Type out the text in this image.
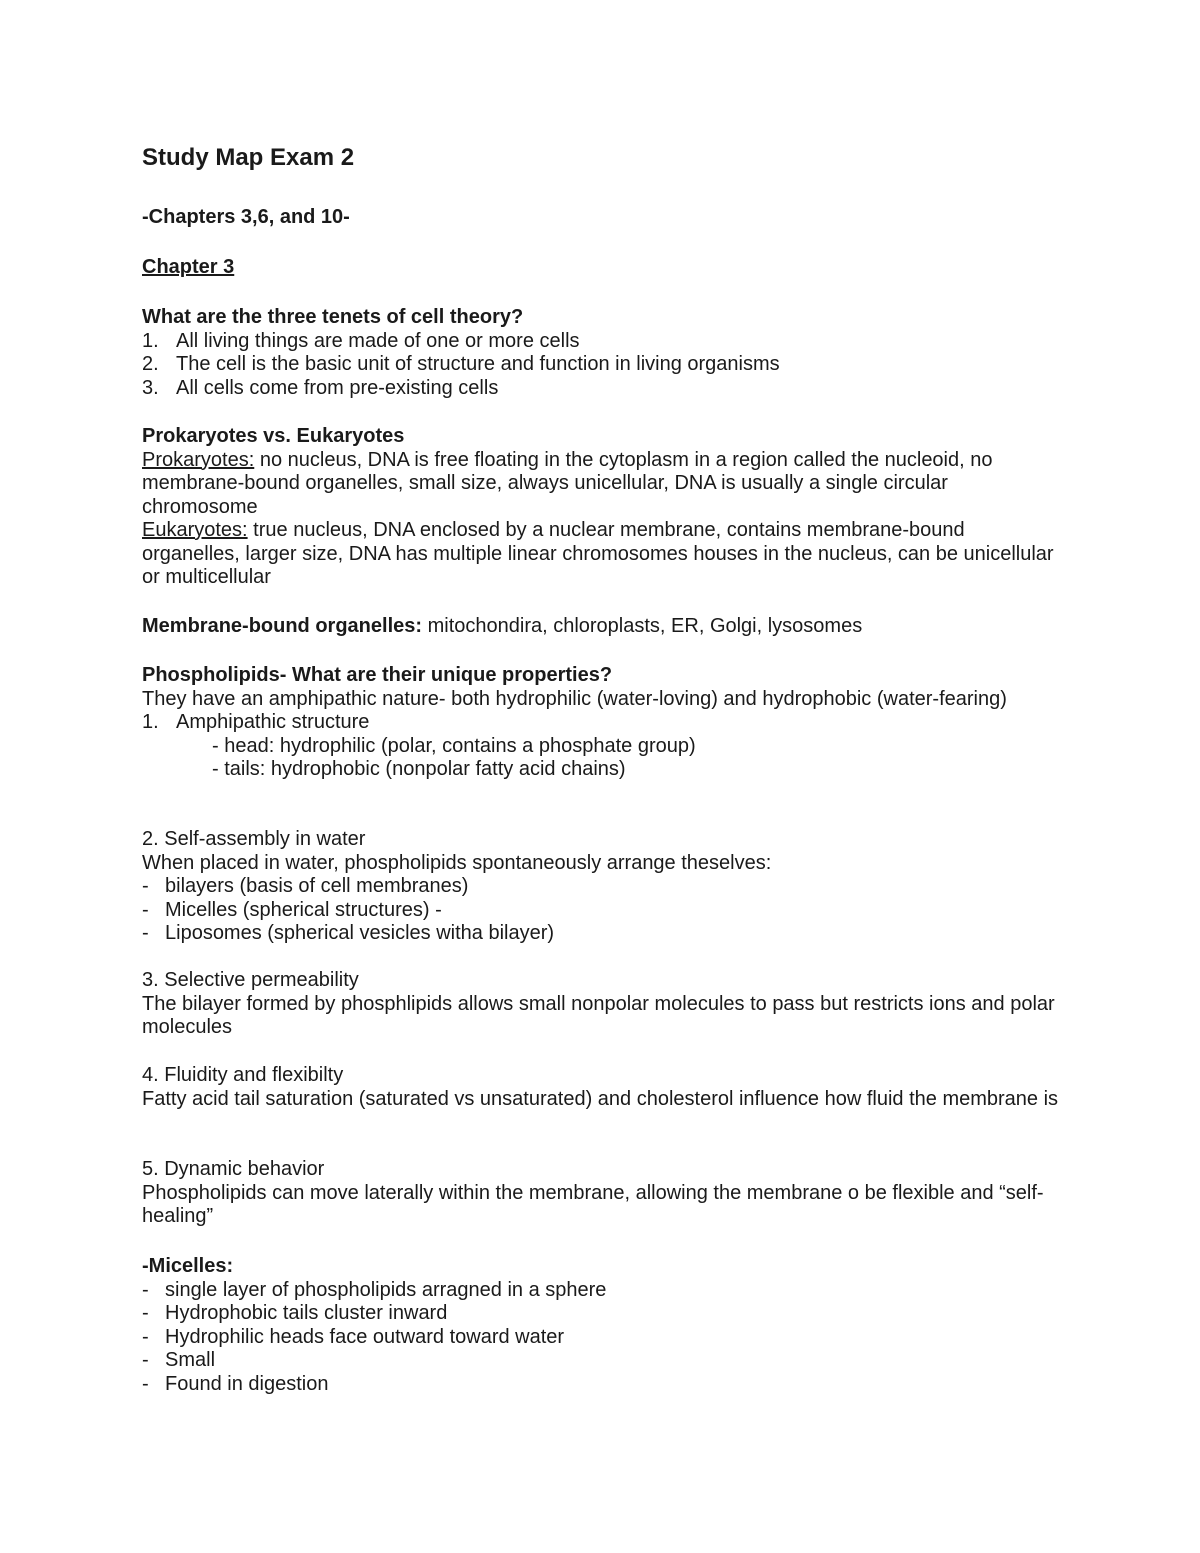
Study Map Exam 2
-Chapters 3,6, and 10-
Chapter 3
What are the three tenets of cell theory?
1. All living things are made of one or more cells
2. The cell is the basic unit of structure and function in living organisms
3. All cells come from pre-existing cells
Prokaryotes vs. Eukaryotes
Prokaryotes: no nucleus, DNA is free floating in the cytoplasm in a region called the nucleoid, no membrane-bound organelles, small size, always unicellular, DNA is usually a single circular chromosome
Eukaryotes: true nucleus, DNA enclosed by a nuclear membrane, contains membrane-bound organelles, larger size, DNA has multiple linear chromosomes houses in the nucleus, can be unicellular or multicellular
Membrane-bound organelles: mitochondira, chloroplasts, ER, Golgi, lysosomes
Phospholipids- What are their unique properties?
They have an amphipathic nature- both hydrophilic (water-loving) and hydrophobic (water-fearing)
1. Amphipathic structure
- head: hydrophilic (polar, contains a phosphate group)
- tails: hydrophobic (nonpolar fatty acid chains)
2. Self-assembly in water
When placed in water, phospholipids spontaneously arrange theselves:
- bilayers (basis of cell membranes)
- Micelles (spherical structures) -
- Liposomes (spherical vesicles witha bilayer)
3. Selective permeability
The bilayer formed by phosphlipids allows small nonpolar molecules to pass but restricts ions and polar molecules
4. Fluidity and flexibilty
Fatty acid tail saturation (saturated vs unsaturated) and cholesterol influence how fluid the membrane is
5. Dynamic behavior
Phospholipids can move laterally within the membrane, allowing the membrane o be flexible and “self-healing”
-Micelles:
- single layer of phospholipids arragned in a sphere
- Hydrophobic tails cluster inward
- Hydrophilic heads face outward toward water
- Small
- Found in digestion
